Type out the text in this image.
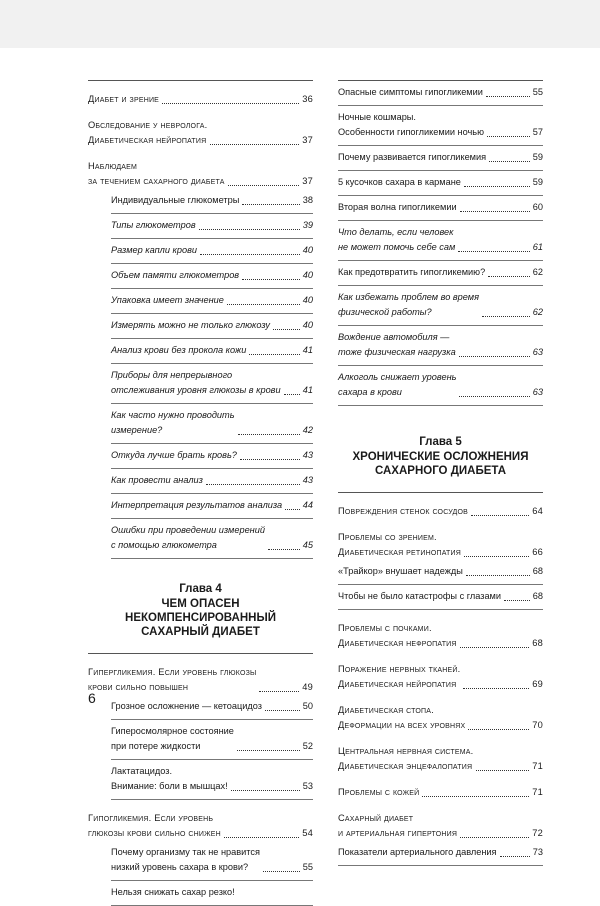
Диабет и зрение	36
Обследование у невролога.
Диабетическая нейропатия	37
Наблюдаем
за течением сахарного диабета	37
Индивидуальные глюкометры	38
Типы глюкометров	39
Размер капли крови	40
Объем памяти глюкометров	40
Упаковка имеет значение	40
Измерять можно не только глюкозу	40
Анализ крови без прокола кожи	41
Приборы для непрерывного
отслеживания уровня глюкозы в крови 41
Как часто нужно проводить
измерение?	42
Откуда лучше брать кровь?	43
Как провести анализ	43
Интерпретация результатов анализа 44
Ошибки при проведении измерений
с помощью глюкометра	45
Глава 4
ЧЕМ ОПАСЕН НЕКОМПЕНСИРОВАННЫЙ
САХАРНЫЙ ДИАБЕТ
Гипергликемия. Если уровень глюкозы
крови сильно повышен	49
Грозное осложнение — кетоацидоз	50
Гиперосмолярное состояние
при потере жидкости	52
Лактатацидоз.
Внимание: боли в мышцах!	53
Гипогликемия. Если уровень
глюкозы крови сильно снижен	54
Почему организму так не нравится
низкий уровень сахара в крови?	55
Нельзя снижать сахар резко!
Опасные симптомы гипогликемии	55
Ночные кошмары.
Особенности гипогликемии ночью	57
Почему развивается гипогликемия	59
5 кусочков сахара в кармане	59
Вторая волна гипогликемии	60
Что делать, если человек
не может помочь себе сам	61
Как предотвратить гипогликемию?	62
Как избежать проблем во время
физической работы?	62
Вождение автомобиля —
тоже физическая нагрузка	63
Алкоголь снижает уровень
сахара в крови	63
Глава 5
ХРОНИЧЕСКИЕ ОСЛОЖНЕНИЯ
САХАРНОГО ДИАБЕТА
Повреждения стенок сосудов	64
Проблемы со зрением.
Диабетическая ретинопатия	66
«Трайкор» внушает надежды	68
Чтобы не было катастрофы с глазами	68
Проблемы с почками.
Диабетическая нефропатия	68
Поражение нервных тканей.
Диабетическая нейропатия	69
Диабетическая стопа.
Деформации на всех уровнях	70
Центральная нервная система.
Диабетическая энцефалопатия	71
Проблемы с кожей	71
Сахарный диабет
и артериальная гипертония	72
Показатели артериального давления	73
6
